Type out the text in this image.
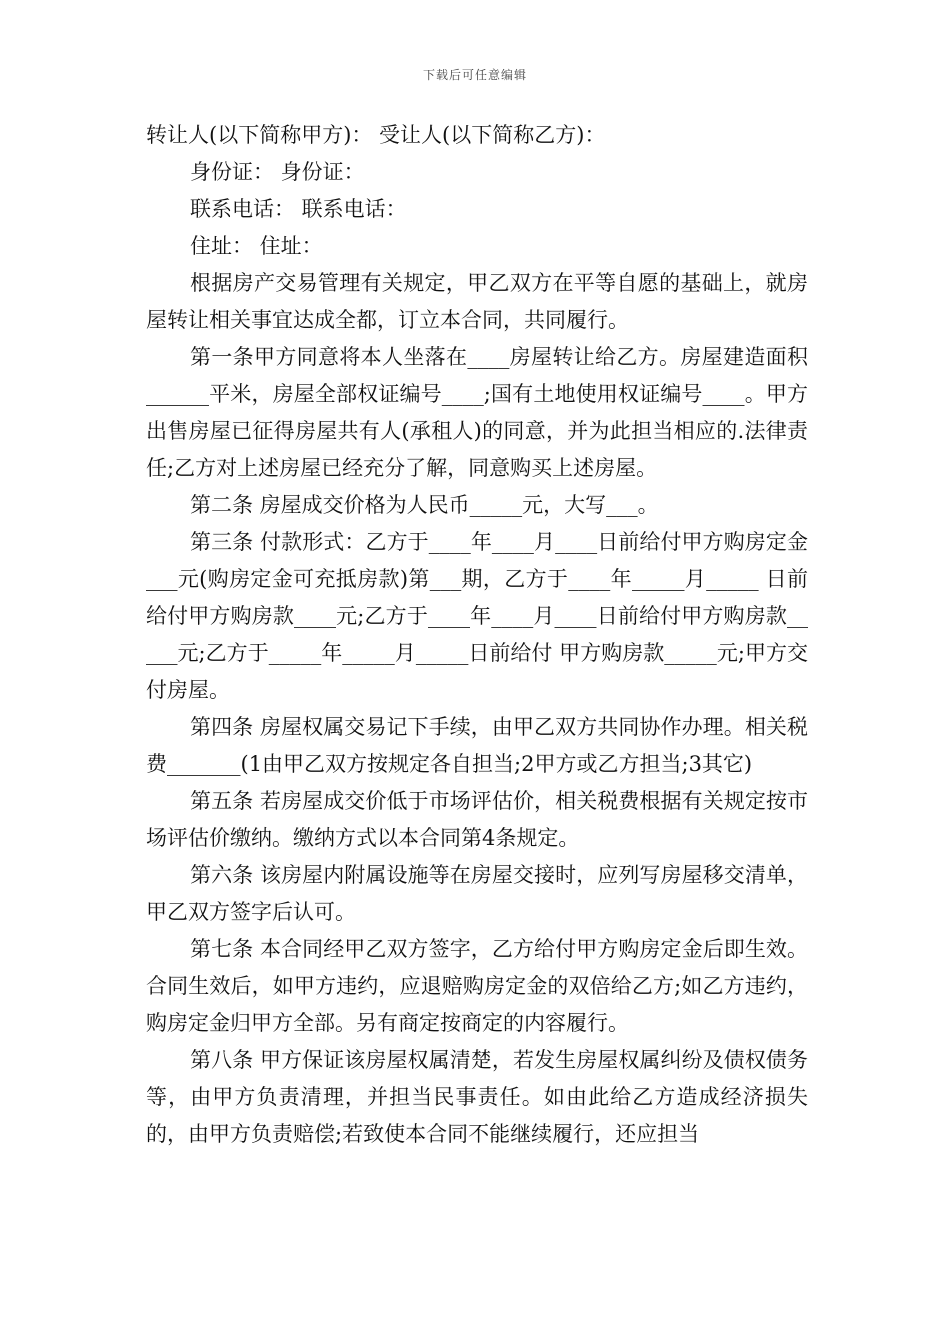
下载后可任意编辑

转让人(以下简称甲方)： 受让人(以下简称乙方)：

身份证： 身份证：

联系电话： 联系电话：

住址： 住址：

根据房产交易管理有关规定，甲乙双方在平等自愿的基础上，就房屋转让相关事宜达成全都，订立本合同，共同履行。

第一条甲方同意将本人坐落在____房屋转让给乙方。房屋建造面积______平米，房屋全部权证编号____;国有土地使用权证编号____。甲方出售房屋已征得房屋共有人(承租人)的同意，并为此担当相应的.法律责任;乙方对上述房屋已经充分了解，同意购买上述房屋。

第二条 房屋成交价格为人民币_____元，大写___。

第三条 付款形式：乙方于____年____月____日前给付甲方购房定金___元(购房定金可充抵房款)第___期，乙方于____年_____月_____ 日前给付甲方购房款____元;乙方于____年____月____日前给付甲方购房款_____元;乙方于_____年_____月_____日前给付 甲方购房款_____元;甲方交付房屋。

第四条 房屋权属交易记下手续，由甲乙双方共同协作办理。相关税费_______(1由甲乙双方按规定各自担当;2甲方或乙方担当;3其它)

第五条 若房屋成交价低于市场评估价，相关税费根据有关规定按市场评估价缴纳。缴纳方式以本合同第4条规定。

第六条 该房屋内附属设施等在房屋交接时，应列写房屋移交清单，甲乙双方签字后认可。

第七条 本合同经甲乙双方签字，乙方给付甲方购房定金后即生效。合同生效后，如甲方违约，应退赔购房定金的双倍给乙方;如乙方违约，购房定金归甲方全部。另有商定按商定的内容履行。

第八条 甲方保证该房屋权属清楚，若发生房屋权属纠纷及债权债务等，由甲方负责清理，并担当民事责任。如由此给乙方造成经济损失的，由甲方负责赔偿;若致使本合同不能继续履行，还应担当
